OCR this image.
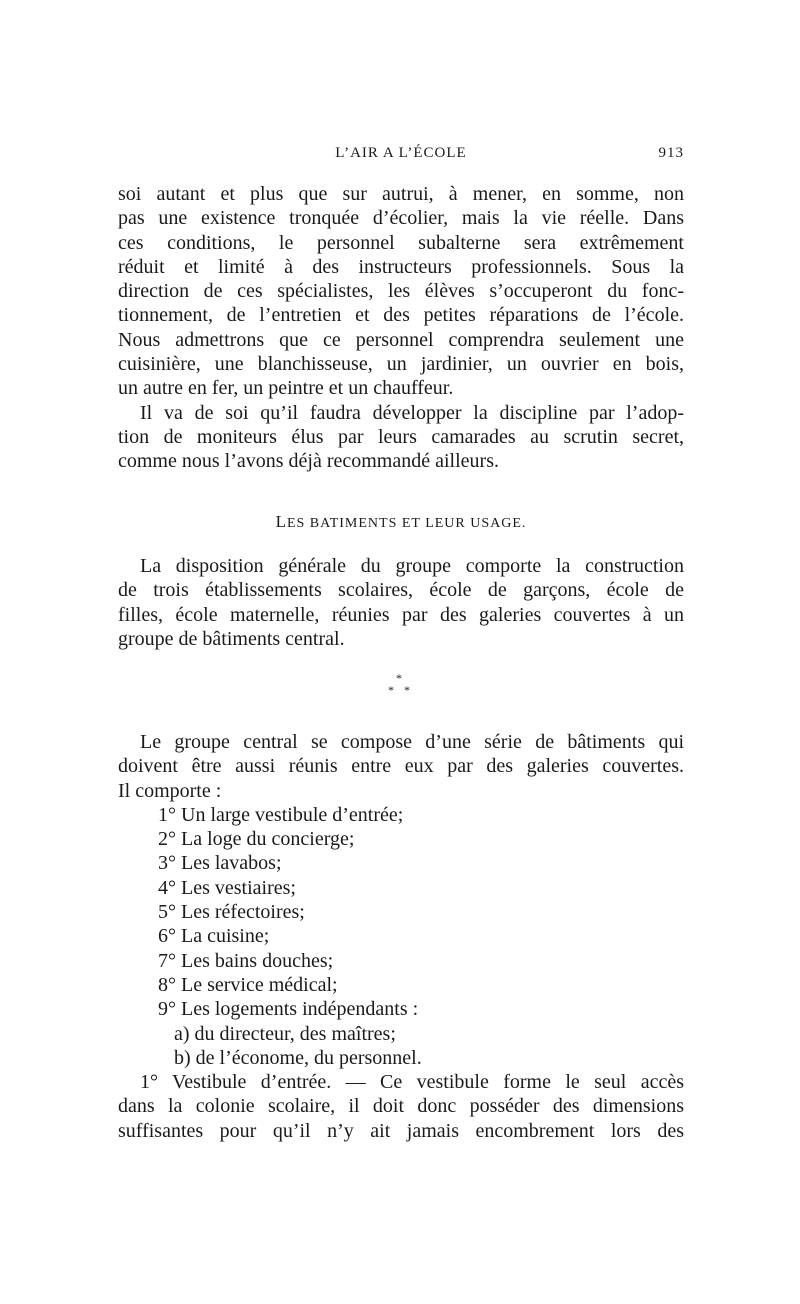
L’AIR A L’ÉCOLE	913
soi autant et plus que sur autrui, à mener, en somme, non
pas une existence tronquée d’écolier, mais la vie réelle. Dans
ces conditions, le personnel subalterne sera extrêmement
réduit et limité à des instructeurs professionnels. Sous la
direction de ces spécialistes, les élèves s’occuperont du fonc-
tionnement, de l’entretien et des petites réparations de l’école.
Nous admettrons que ce personnel comprendra seulement une
cuisinière, une blanchisseuse, un jardinier, un ouvrier en bois,
un autre en fer, un peintre et un chauffeur.
Il va de soi qu’il faudra développer la discipline par l’adop-
tion de moniteurs élus par leurs camarades au scrutin secret,
comme nous l’avons déjà recommandé ailleurs.
LES BATIMENTS ET LEUR USAGE.
La disposition générale du groupe comporte la construction
de trois établissements scolaires, école de garçons, école de
filles, école maternelle, réunies par des galeries couvertes à un
groupe de bâtiments central.
*
* *
Le groupe central se compose d’une série de bâtiments qui
doivent être aussi réunis entre eux par des galeries couvertes.
Il comporte :
1° Un large vestibule d’entrée;
2° La loge du concierge;
3° Les lavabos;
4° Les vestiaires;
5° Les réfectoires;
6° La cuisine;
7° Les bains douches;
8° Le service médical;
9° Les logements indépendants :
a) du directeur, des maîtres;
b) de l’économe, du personnel.
1° Vestibule d’entrée. — Ce vestibule forme le seul accès
dans la colonie scolaire, il doit donc posséder des dimensions
suffisantes pour qu’il n’y ait jamais encombrement lors des
